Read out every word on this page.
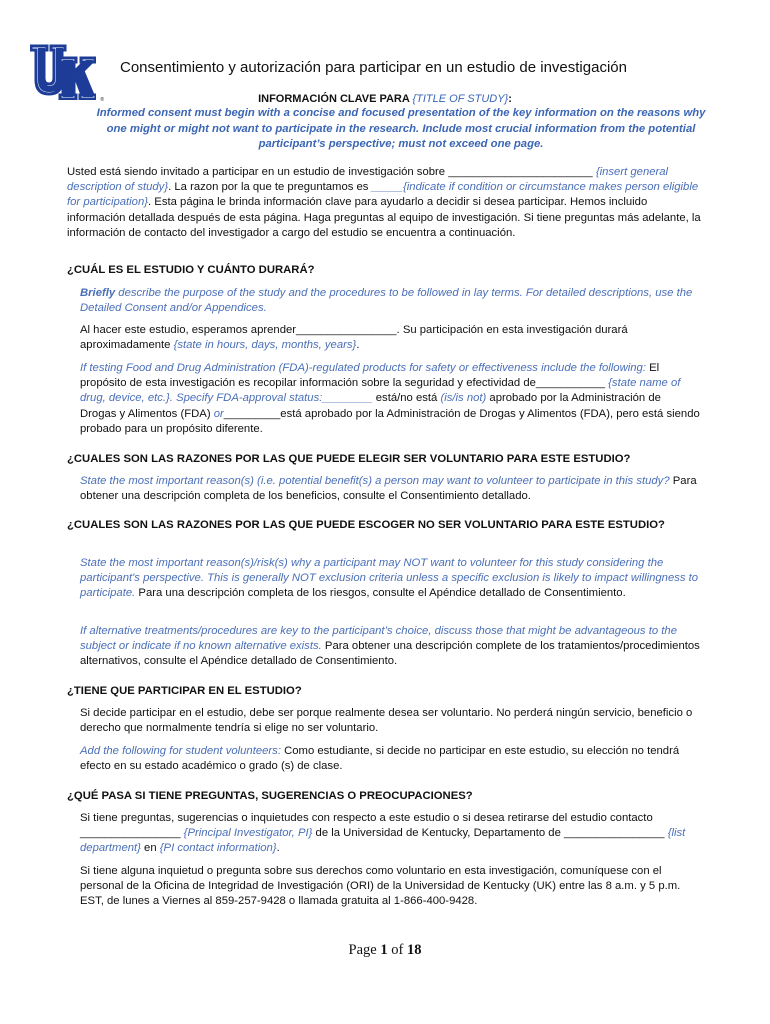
®
Consentimiento y autorización para participar en un estudio de investigación
INFORMACIÓN CLAVE PARA {TITLE OF STUDY}:
Informed consent must begin with a concise and focused presentation of the key information on the reasons why one might or might not want to participate in the research. Include most crucial information from the potential participant’s perspective; must not exceed one page.
Usted está siendo invitado a participar en un estudio de investigación sobre _______________________ {insert general description of study}. La razon por la que te preguntamos es _____{indicate if condition or circumstance makes person eligible for participation}. Esta página le brinda información clave para ayudarlo a decidir si desea participar. Hemos incluido información detallada después de esta página. Haga preguntas al equipo de investigación. Si tiene preguntas más adelante, la información de contacto del investigador a cargo del estudio se encuentra a continuación.
¿CUÁL ES EL ESTUDIO Y CUÁNTO DURARÁ?
Briefly describe the purpose of the study and the procedures to be followed in lay terms. For detailed descriptions, use the Detailed Consent and/or Appendices.
Al hacer este estudio, esperamos aprender________________. Su participación en esta investigación durará aproximadamente {state in hours, days, months, years}.
If testing Food and Drug Administration (FDA)-regulated products for safety or effectiveness include the following: El propósito de esta investigación es recopilar información sobre la seguridad y efectividad de___________ {state name of drug, device, etc.}. Specify FDA-approval status:________ está/no está (is/is not) aprobado por la Administración de Drogas y Alimentos (FDA) or_________está aprobado por la Administración de Drogas y Alimentos (FDA), pero está siendo probado para un propósito diferente.
¿CUALES SON LAS RAZONES POR LAS QUE PUEDE ELEGIR SER VOLUNTARIO PARA ESTE ESTUDIO?
State the most important reason(s) (i.e. potential benefit(s) a person may want to volunteer to participate in this study? Para obtener una descripción completa de los beneficios, consulte el Consentimiento detallado.
¿CUALES SON LAS RAZONES POR LAS QUE PUEDE ESCOGER NO SER VOLUNTARIO PARA ESTE ESTUDIO?
State the most important reason(s)/risk(s) why a participant may NOT want to volunteer for this study considering the participant's perspective. This is generally NOT exclusion criteria unless a specific exclusion is likely to impact willingness to participate. Para una descripción completa de los riesgos, consulte el Apéndice detallado de Consentimiento.
If alternative treatments/procedures are key to the participant’s choice, discuss those that might be advantageous to the subject or indicate if no known alternative exists. Para obtener una descripción complete de los tratamientos/procedimientos alternativos, consulte el Apéndice detallado de Consentimiento.
¿TIENE QUE PARTICIPAR EN EL ESTUDIO?
Si decide participar en el estudio, debe ser porque realmente desea ser voluntario. No perderá ningún servicio, beneficio o derecho que normalmente tendría si elige no ser voluntario.
Add the following for student volunteers: Como estudiante, si decide no participar en este estudio, su elección no tendrá efecto en su estado académico o grado (s) de clase.
¿QUÉ PASA SI TIENE PREGUNTAS, SUGERENCIAS O PREOCUPACIONES?
Si tiene preguntas, sugerencias o inquietudes con respecto a este estudio o si desea retirarse del estudio contacto ________________ {Principal Investigator, PI} de la Universidad de Kentucky, Departamento de ________________ {list department} en {PI contact information}.
Si tiene alguna inquietud o pregunta sobre sus derechos como voluntario en esta investigación, comuníquese con el personal de la Oficina de Integridad de Investigación (ORI) de la Universidad de Kentucky (UK) entre las 8 a.m. y 5 p.m. EST, de lunes a Viernes al 859-257-9428 o llamada gratuita al 1-866-400-9428.
Page 1 of 18
